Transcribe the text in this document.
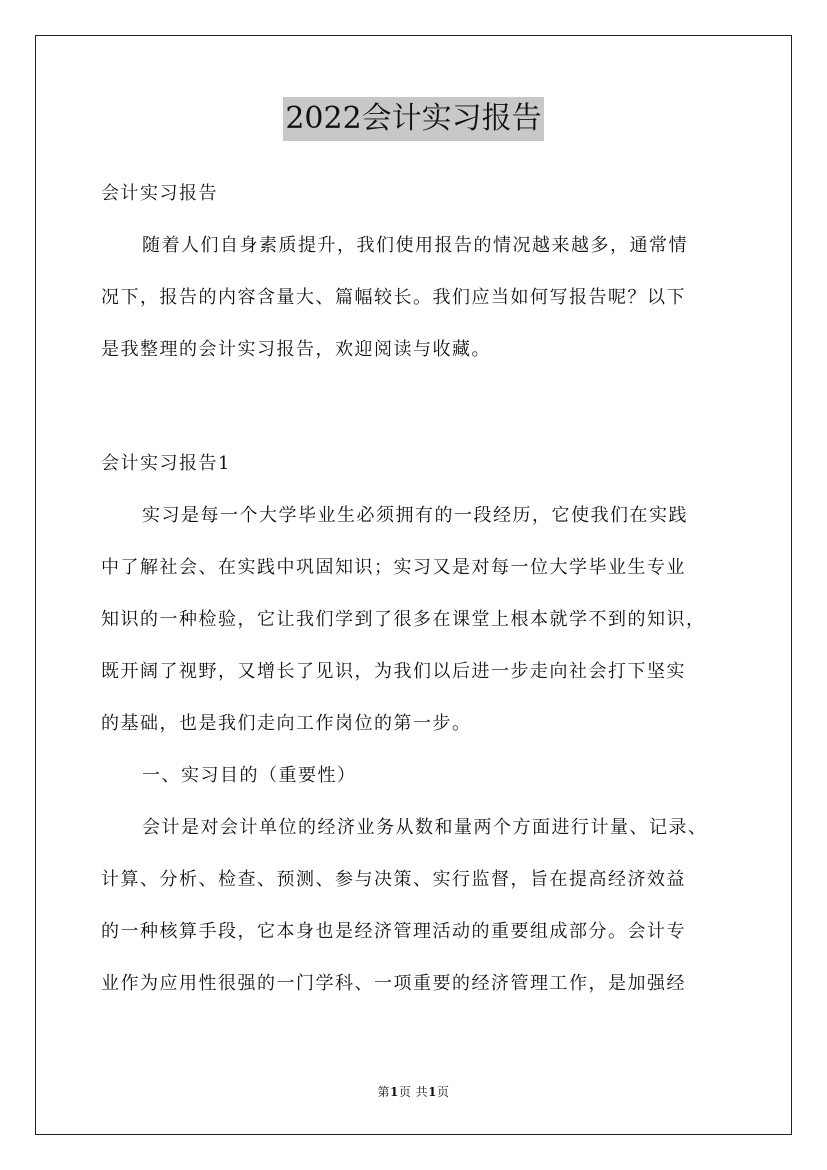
2022会计实习报告
会计实习报告
随着人们自身素质提升，我们使用报告的情况越来越多，通常情
况下，报告的内容含量大、篇幅较长。我们应当如何写报告呢？以下
是我整理的会计实习报告，欢迎阅读与收藏。
会计实习报告1
实习是每一个大学毕业生必须拥有的一段经历，它使我们在实践
中了解社会、在实践中巩固知识；实习又是对每一位大学毕业生专业
知识的一种检验，它让我们学到了很多在课堂上根本就学不到的知识，
既开阔了视野，又增长了见识，为我们以后进一步走向社会打下坚实
的基础，也是我们走向工作岗位的第一步。
一、实习目的（重要性）
会计是对会计单位的经济业务从数和量两个方面进行计量、记录、
计算、分析、检查、预测、参与决策、实行监督，旨在提高经济效益
的一种核算手段，它本身也是经济管理活动的重要组成部分。会计专
业作为应用性很强的一门学科、一项重要的经济管理工作，是加强经
第1页 共1页
